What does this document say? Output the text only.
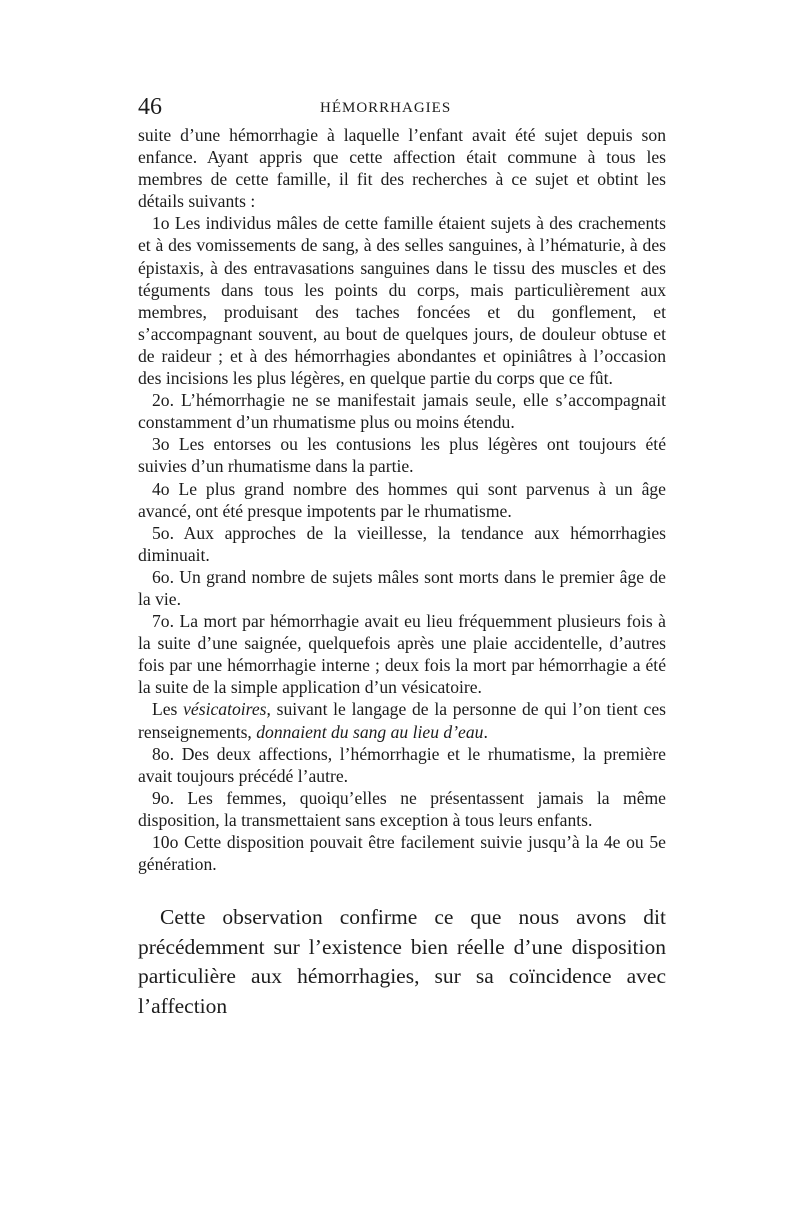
46	HÉMORRHAGIES

suite d’une hémorrhagie à laquelle l’enfant avait été sujet depuis son enfance. Ayant appris que cette affection était commune à tous les membres de cette famille, il fit des recherches à ce sujet et obtint les détails suivants :

1o Les individus mâles de cette famille étaient sujets à des crachements et à des vomissements de sang, à des selles sanguines, à l’hématurie, à des épistaxis, à des entravasations sanguines dans le tissu des muscles et des téguments dans tous les points du corps, mais particulièrement aux membres, produisant des taches foncées et du gonflement, et s’accompagnant souvent, au bout de quelques jours, de douleur obtuse et de raideur ; et à des hémorrhagies abondantes et opiniâtres à l’occasion des incisions les plus légères, en quelque partie du corps que ce fût.

2o. L’hémorrhagie ne se manifestait jamais seule, elle s’accompagnait constamment d’un rhumatisme plus ou moins étendu.

3o Les entorses ou les contusions les plus légères ont toujours été suivies d’un rhumatisme dans la partie.

4o Le plus grand nombre des hommes qui sont parvenus à un âge avancé, ont été presque impotents par le rhumatisme.

5o. Aux approches de la vieillesse, la tendance aux hémorrhagies diminuait.

6o. Un grand nombre de sujets mâles sont morts dans le premier âge de la vie.

7o. La mort par hémorrhagie avait eu lieu fréquemment plusieurs fois à la suite d’une saignée, quelquefois après une plaie accidentelle, d’autres fois par une hémorrhagie interne ; deux fois la mort par hémorrhagie a été la suite de la simple application d’un vésicatoire.

Les vésicatoires, suivant le langage de la personne de qui l’on tient ces renseignements, donnaient du sang au lieu d’eau.

8o. Des deux affections, l’hémorrhagie et le rhumatisme, la première avait toujours précédé l’autre.

9o. Les femmes, quoiqu’elles ne présentassent jamais la même disposition, la transmettaient sans exception à tous leurs enfants.

10o Cette disposition pouvait être facilement suivie jusqu’à la 4e ou 5e génération.

Cette observation confirme ce que nous avons dit précédemment sur l’existence bien réelle d’une disposition particulière aux hémorrhagies, sur sa coïncidence avec l’affection
